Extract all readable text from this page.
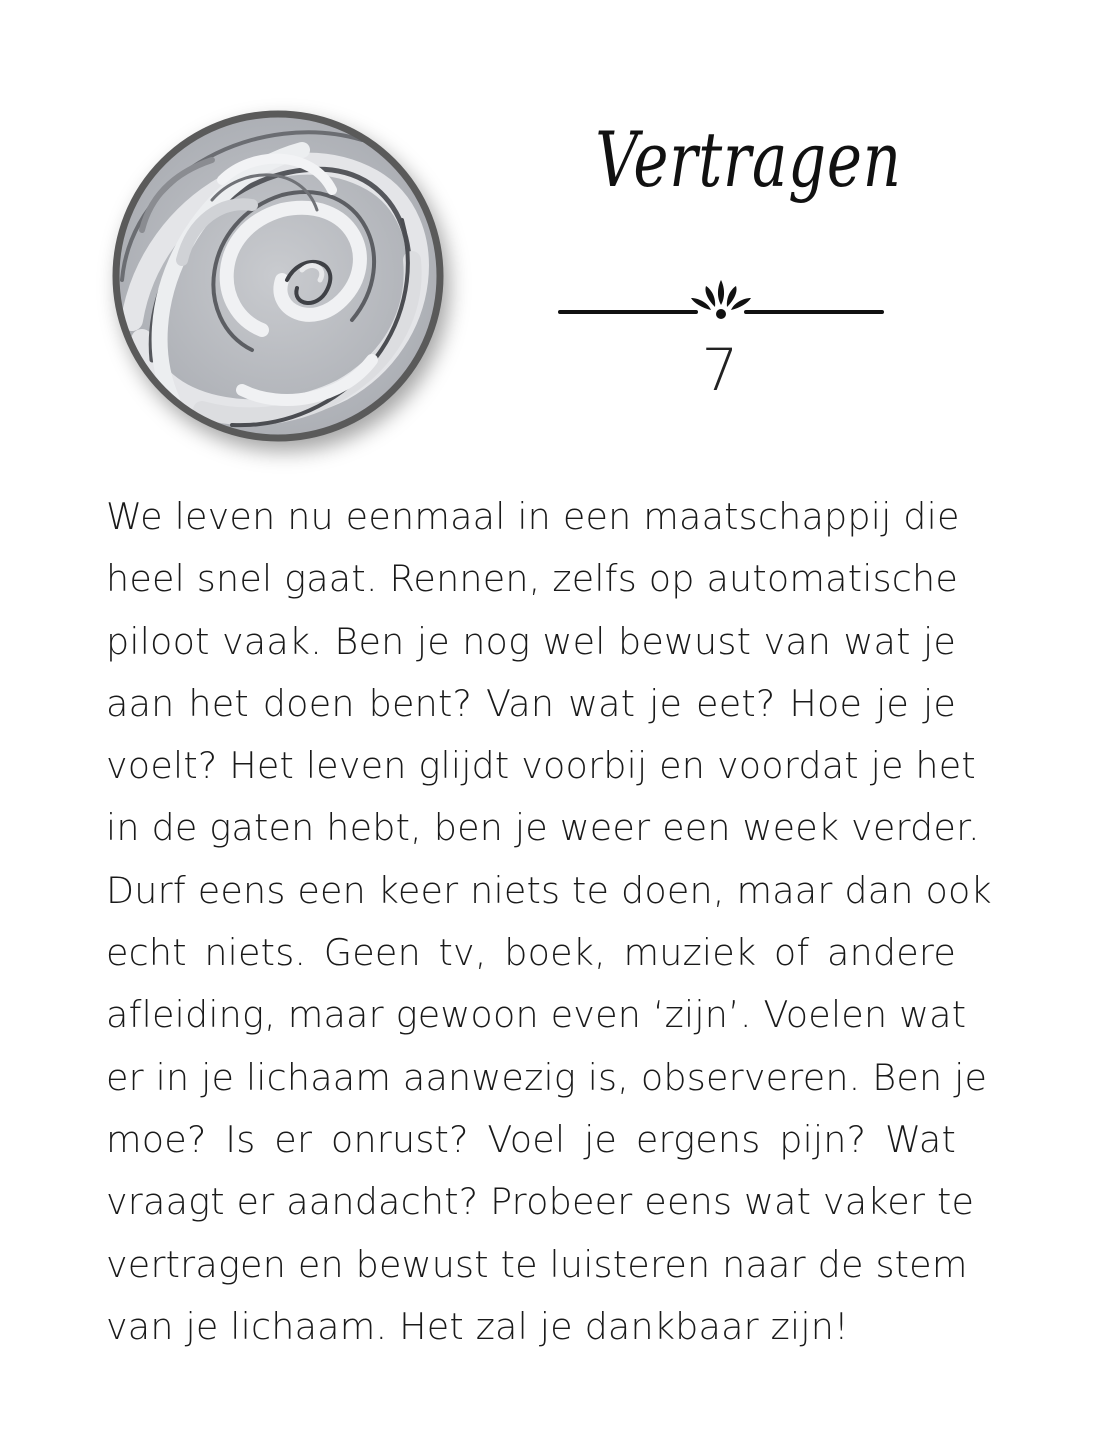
Vertragen
7

We leven nu eenmaal in een maatschappij die
heel snel gaat. Rennen, zelfs op automatische
piloot vaak. Ben je nog wel bewust van wat je
aan het doen bent? Van wat je eet? Hoe je je
voelt? Het leven glijdt voorbij en voordat je het
in de gaten hebt, ben je weer een week verder.
Durf eens een keer niets te doen, maar dan ook
echt niets. Geen tv, boek, muziek of andere
afleiding, maar gewoon even ‘zijn’. Voelen wat
er in je lichaam aanwezig is, observeren. Ben je
moe? Is er onrust? Voel je ergens pijn? Wat
vraagt er aandacht? Probeer eens wat vaker te
vertragen en bewust te luisteren naar de stem
van je lichaam. Het zal je dankbaar zijn!
